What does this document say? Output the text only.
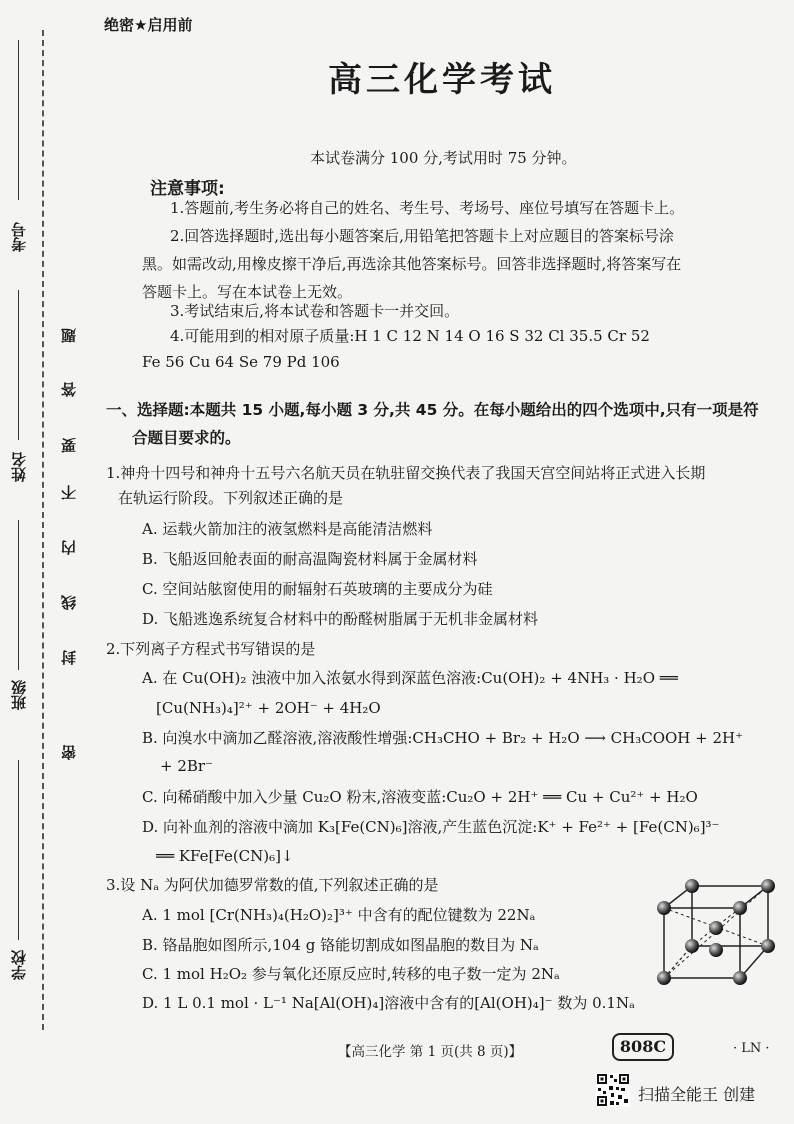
考号
姓名
班级
学校
密
封
线
内
不
要
答
题
绝密★启用前
高三化学考试
本试卷满分 100 分,考试用时 75 分钟。
注意事项:
1.答题前,考生务必将自己的姓名、考生号、考场号、座位号填写在答题卡上。
2.回答选择题时,选出每小题答案后,用铅笔把答题卡上对应题目的答案标号涂
黑。如需改动,用橡皮擦干净后,再选涂其他答案标号。回答非选择题时,将答案写在
答题卡上。写在本试卷上无效。
3.考试结束后,将本试卷和答题卡一并交回。
4.可能用到的相对原子质量:H 1 C 12 N 14 O 16 S 32 Cl 35.5 Cr 52
Fe 56 Cu 64 Se 79 Pd 106
一、选择题:本题共 15 小题,每小题 3 分,共 45 分。在每小题给出的四个选项中,只有一项是符
合题目要求的。
1.神舟十四号和神舟十五号六名航天员在轨驻留交换代表了我国天宫空间站将正式进入长期
在轨运行阶段。下列叙述正确的是
A. 运载火箭加注的液氢燃料是高能清洁燃料
B. 飞船返回舱表面的耐高温陶瓷材料属于金属材料
C. 空间站舷窗使用的耐辐射石英玻璃的主要成分为硅
D. 飞船逃逸系统复合材料中的酚醛树脂属于无机非金属材料
2.下列离子方程式书写错误的是
A. 在 Cu(OH)₂ 浊液中加入浓氨水得到深蓝色溶液:Cu(OH)₂ + 4NH₃ · H₂O ══
[Cu(NH₃)₄]²⁺ + 2OH⁻ + 4H₂O
B. 向溴水中滴加乙醛溶液,溶液酸性增强:CH₃CHO + Br₂ + H₂O ⟶ CH₃COOH + 2H⁺
+ 2Br⁻
C. 向稀硝酸中加入少量 Cu₂O 粉末,溶液变蓝:Cu₂O + 2H⁺ ══ Cu + Cu²⁺ + H₂O
D. 向补血剂的溶液中滴加 K₃[Fe(CN)₆]溶液,产生蓝色沉淀:K⁺ + Fe²⁺ + [Fe(CN)₆]³⁻
══ KFe[Fe(CN)₆]↓
3.设 Nₐ 为阿伏加德罗常数的值,下列叙述正确的是
A. 1 mol [Cr(NH₃)₄(H₂O)₂]³⁺ 中含有的配位键数为 22Nₐ
B. 铬晶胞如图所示,104 g 铬能切割成如图晶胞的数目为 Nₐ
C. 1 mol H₂O₂ 参与氧化还原反应时,转移的电子数一定为 2Nₐ
D. 1 L 0.1 mol · L⁻¹ Na[Al(OH)₄]溶液中含有的[Al(OH)₄]⁻ 数为 0.1Nₐ
【高三化学 第 1 页(共 8 页)】	808C	· LN ·
扫描全能王 创建
